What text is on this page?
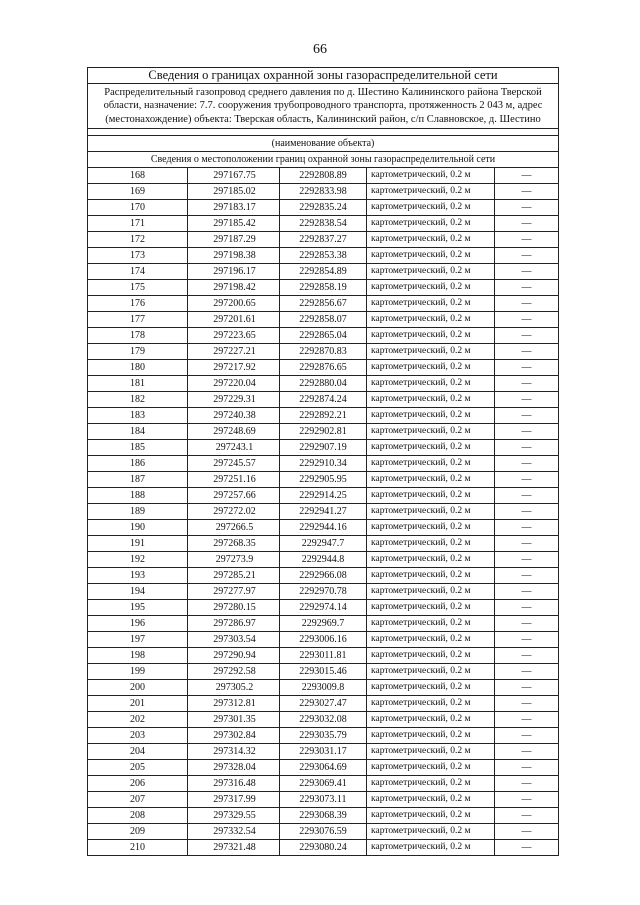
66
Сведения о границах охранной зоны газораспределительной сети				
Распределительный газопровод среднего давления по д. Шестино Калининского района Тверской области, назначение: 7.7. сооружения трубопроводного транспорта, протяженность 2 043 м, адрес (местонахождение) объекта: Тверская область, Калининский район, с/п Славновское, д. Шестино				

(наименование объекта)				
Сведения о местоположении границ охранной зоны газораспределительной сети				
168	297167.75	2292808.89	картометрический, 0.2 м	—
169	297185.02	2292833.98	картометрический, 0.2 м	—
170	297183.17	2292835.24	картометрический, 0.2 м	—
171	297185.42	2292838.54	картометрический, 0.2 м	—
172	297187.29	2292837.27	картометрический, 0.2 м	—
173	297198.38	2292853.38	картометрический, 0.2 м	—
174	297196.17	2292854.89	картометрический, 0.2 м	—
175	297198.42	2292858.19	картометрический, 0.2 м	—
176	297200.65	2292856.67	картометрический, 0.2 м	—
177	297201.61	2292858.07	картометрический, 0.2 м	—
178	297223.65	2292865.04	картометрический, 0.2 м	—
179	297227.21	2292870.83	картометрический, 0.2 м	—
180	297217.92	2292876.65	картометрический, 0.2 м	—
181	297220.04	2292880.04	картометрический, 0.2 м	—
182	297229.31	2292874.24	картометрический, 0.2 м	—
183	297240.38	2292892.21	картометрический, 0.2 м	—
184	297248.69	2292902.81	картометрический, 0.2 м	—
185	297243.1	2292907.19	картометрический, 0.2 м	—
186	297245.57	2292910.34	картометрический, 0.2 м	—
187	297251.16	2292905.95	картометрический, 0.2 м	—
188	297257.66	2292914.25	картометрический, 0.2 м	—
189	297272.02	2292941.27	картометрический, 0.2 м	—
190	297266.5	2292944.16	картометрический, 0.2 м	—
191	297268.35	2292947.7	картометрический, 0.2 м	—
192	297273.9	2292944.8	картометрический, 0.2 м	—
193	297285.21	2292966.08	картометрический, 0.2 м	—
194	297277.97	2292970.78	картометрический, 0.2 м	—
195	297280.15	2292974.14	картометрический, 0.2 м	—
196	297286.97	2292969.7	картометрический, 0.2 м	—
197	297303.54	2293006.16	картометрический, 0.2 м	—
198	297290.94	2293011.81	картометрический, 0.2 м	—
199	297292.58	2293015.46	картометрический, 0.2 м	—
200	297305.2	2293009.8	картометрический, 0.2 м	—
201	297312.81	2293027.47	картометрический, 0.2 м	—
202	297301.35	2293032.08	картометрический, 0.2 м	—
203	297302.84	2293035.79	картометрический, 0.2 м	—
204	297314.32	2293031.17	картометрический, 0.2 м	—
205	297328.04	2293064.69	картометрический, 0.2 м	—
206	297316.48	2293069.41	картометрический, 0.2 м	—
207	297317.99	2293073.11	картометрический, 0.2 м	—
208	297329.55	2293068.39	картометрический, 0.2 м	—
209	297332.54	2293076.59	картометрический, 0.2 м	—
210	297321.48	2293080.24	картометрический, 0.2 м	—
